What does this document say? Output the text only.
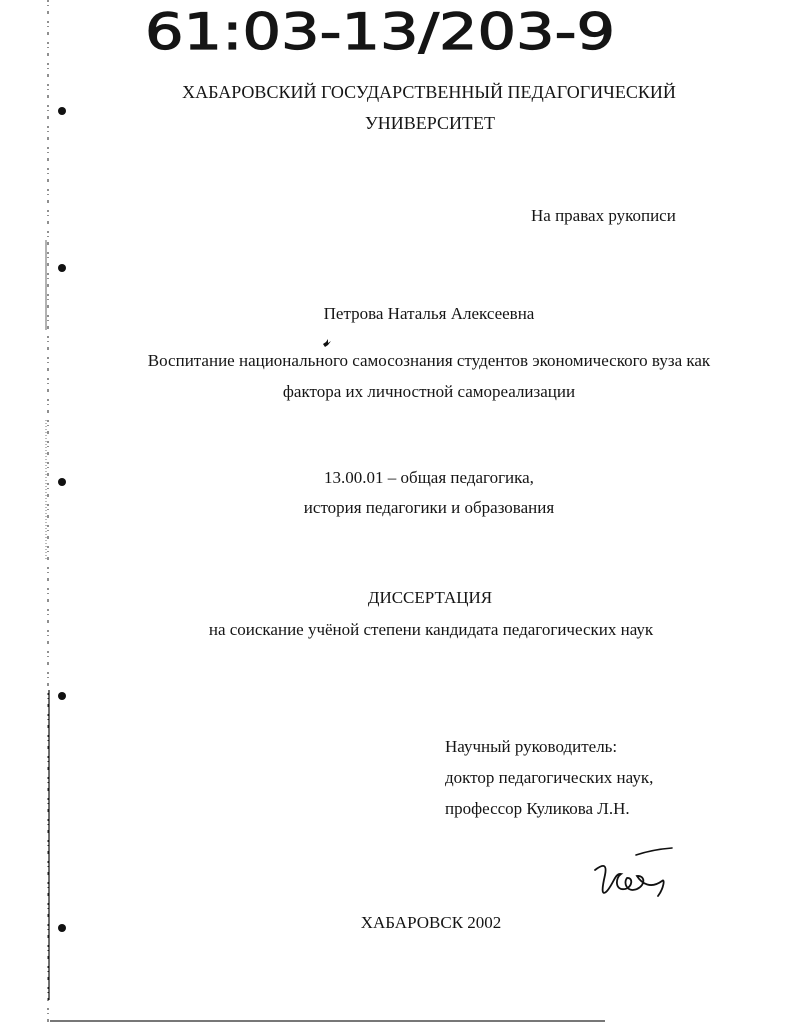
61:03-13/203-9
ХАБАРОВСКИЙ ГОСУДАРСТВЕННЫЙ ПЕДАГОГИЧЕСКИЙ
УНИВЕРСИТЕТ
На правах рукописи
Петрова Наталья Алексеевна
Воспитание национального самосознания студентов экономического вуза как
фактора их личностной самореализации
13.00.01 – общая педагогика,
история педагогики и образования
ДИССЕРТАЦИЯ
на соискание учёной степени кандидата педагогических наук
Научный руководитель:
доктор педагогических наук,
профессор Куликова Л.Н.
ХАБАРОВСК 2002
